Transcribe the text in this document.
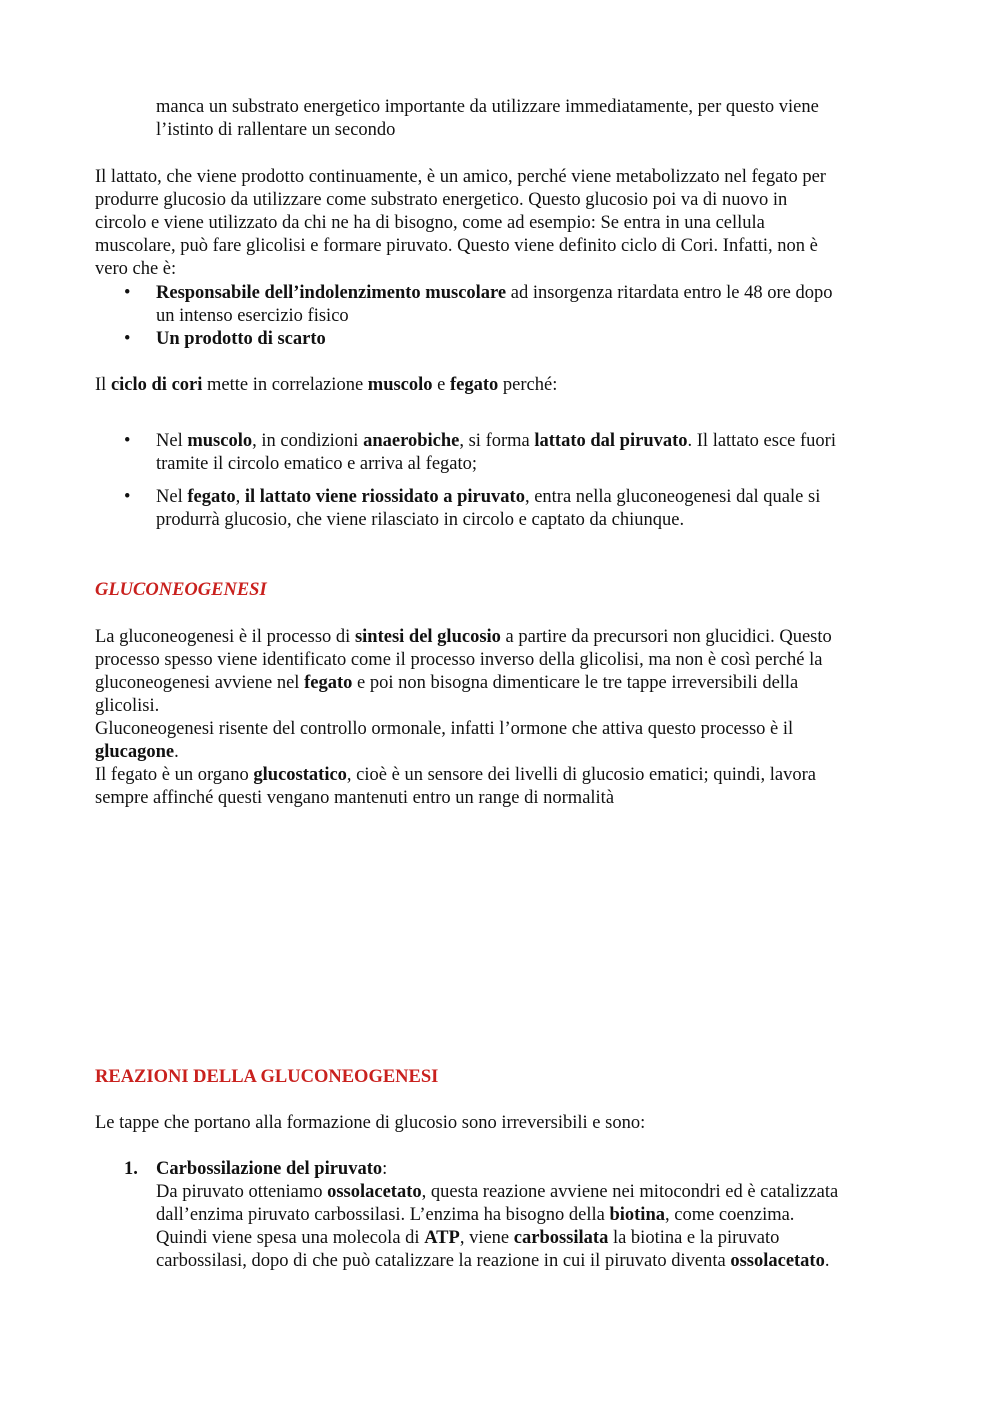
manca un substrato energetico importante da utilizzare immediatamente, per questo viene
l’istinto di rallentare un secondo
Il lattato, che viene prodotto continuamente, è un amico, perché viene metabolizzato nel fegato per
produrre glucosio da utilizzare come substrato energetico. Questo glucosio poi va di nuovo in
circolo e viene utilizzato da chi ne ha di bisogno, come ad esempio: Se entra in una cellula
muscolare, può fare glicolisi e formare piruvato. Questo viene definito ciclo di Cori. Infatti, non è
vero che è:
• Responsabile dell’indolenzimento muscolare ad insorgenza ritardata entro le 48 ore dopo
un intenso esercizio fisico
• Un prodotto di scarto
Il ciclo di cori mette in correlazione muscolo e fegato perché:
• Nel muscolo, in condizioni anaerobiche, si forma lattato dal piruvato. Il lattato esce fuori
tramite il circolo ematico e arriva al fegato;
• Nel fegato, il lattato viene riossidato a piruvato, entra nella gluconeogenesi dal quale si
produrrà glucosio, che viene rilasciato in circolo e captato da chiunque.
GLUCONEOGENESI
La gluconeogenesi è il processo di sintesi del glucosio a partire da precursori non glucidici. Questo
processo spesso viene identificato come il processo inverso della glicolisi, ma non è così perché la
gluconeogenesi avviene nel fegato e poi non bisogna dimenticare le tre tappe irreversibili della
glicolisi.
Gluconeogenesi risente del controllo ormonale, infatti l’ormone che attiva questo processo è il
glucagone.
Il fegato è un organo glucostatico, cioè è un sensore dei livelli di glucosio ematici; quindi, lavora
sempre affinché questi vengano mantenuti entro un range di normalità
REAZIONI DELLA GLUCONEOGENESI
Le tappe che portano alla formazione di glucosio sono irreversibili e sono:
1. Carbossilazione del piruvato:
Da piruvato otteniamo ossolacetato, questa reazione avviene nei mitocondri ed è catalizzata
dall’enzima piruvato carbossilasi. L’enzima ha bisogno della biotina, come coenzima.
Quindi viene spesa una molecola di ATP, viene carbossilata la biotina e la piruvato
carbossilasi, dopo di che può catalizzare la reazione in cui il piruvato diventa ossolacetato.
